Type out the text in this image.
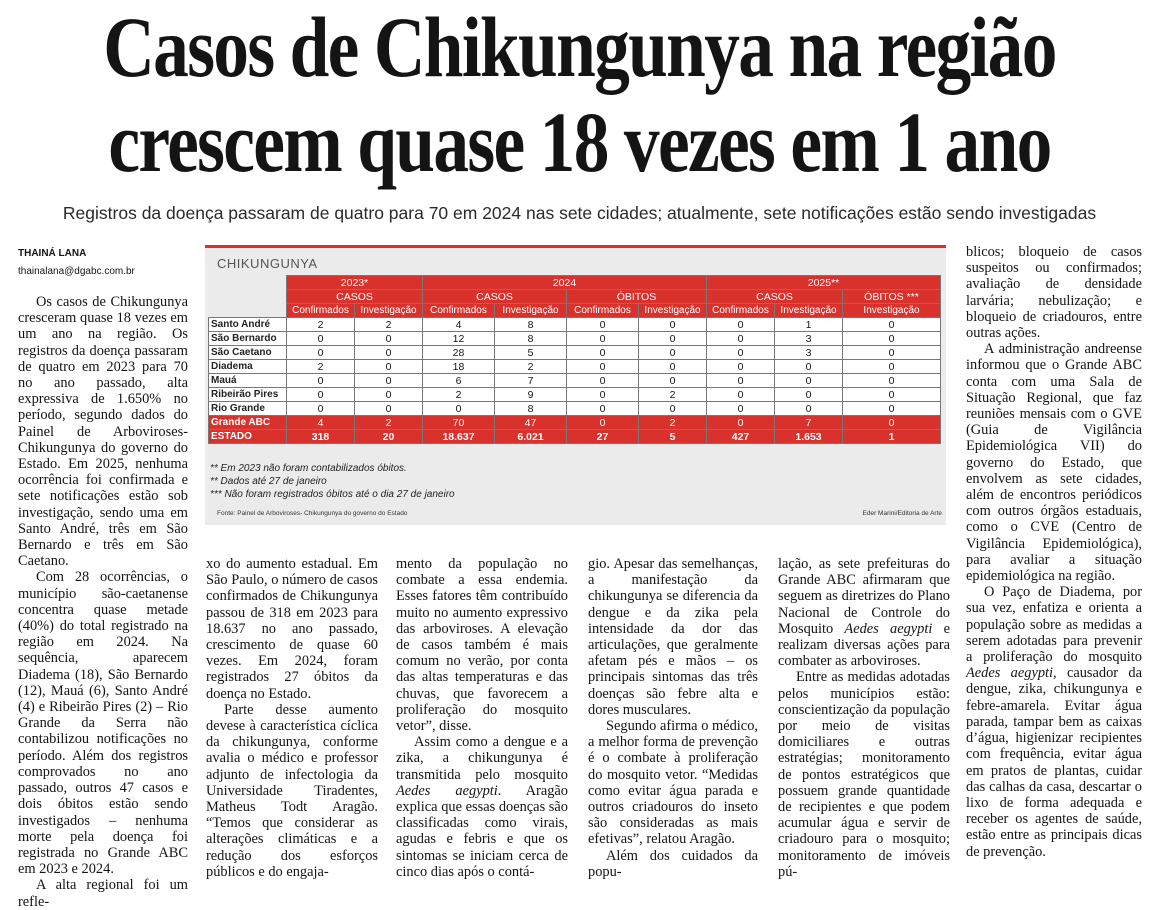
Casos de Chikungunya na região
crescem quase 18 vezes em 1 ano
Registros da doença passaram de quatro para 70 em 2024 nas sete cidades; atualmente, sete notificações estão sendo investigadas
THAINÁ LANA
thainalana@dgabc.com.br

Os casos de Chikungunya cresceram quase 18 vezes em um ano na região. Os registros da doença passaram de quatro em 2023 para 70 no ano passado, alta expressiva de 1.650% no período, segundo dados do Painel de Arboviroses-Chikungunya do governo do Estado. Em 2025, nenhuma ocorrência foi confirmada e sete notificações estão sob investigação, sendo uma em Santo André, três em São Bernardo e três em São Caetano.

Com 28 ocorrências, o município são-caetanense concentra quase metade (40%) do total registrado na região em 2024. Na sequência, aparecem Diadema (18), São Bernardo (12), Mauá (6), Santo André (4) e Ribeirão Pires (2) – Rio Grande da Serra não contabilizou notificações no período. Além dos registros comprovados no ano passado, outros 47 casos e dois óbitos estão sendo investigados – nenhuma morte pela doença foi registrada no Grande ABC em 2023 e 2024.

A alta regional foi um refle-

CHIKUNGUNYA
	2023*		2024				2025**		
	CASOS		CASOS		ÓBITOS		CASOS		ÓBITOS ***
	Confirmados	Investigação	Confirmados	Investigação	Confirmados	Investigação	Confirmados	Investigação	Investigação
Santo André	2	2	4	8	0	0	0	1	0
São Bernardo	0	0	12	8	0	0	0	3	0
São Caetano	0	0	28	5	0	0	0	3	0
Diadema	2	0	18	2	0	0	0	0	0
Mauá	0	0	6	7	0	0	0	0	0
Ribeirão Pires	0	0	2	9	0	2	0	0	0
Rio Grande	0	0	0	8	0	0	0	0	0
Grande ABC	4	2	70	47	0	2	0	7	0
ESTADO	318	20	18.637	6.021	27	5	427	1.653	1
** Em 2023 não foram contabilizados óbitos.
** Dados até 27 de janeiro
*** Não foram registrados óbitos até o dia 27 de janeiro
Fonte: Painel de Arboviroses- Chikungunya do governo do Estado	Eder Marini/Editoria de Arte

xo do aumento estadual. Em São Paulo, o número de casos confirmados de Chikungunya passou de 318 em 2023 para 18.637 no ano passado, crescimento de quase 60 vezes. Em 2024, foram registrados 27 óbitos da doença no Estado.

Parte desse aumento devese à característica cíclica da chikungunya, conforme avalia o médico e professor adjunto de infectologia da Universidade Tiradentes, Matheus Todt Aragão. “Temos que considerar as alterações climáticas e a redução dos esforços públicos e do engaja-

mento da população no combate a essa endemia. Esses fatores têm contribuído muito no aumento expressivo das arboviroses. A elevação de casos também é mais comum no verão, por conta das altas temperaturas e das chuvas, que favorecem a proliferação do mosquito vetor”, disse.

Assim como a dengue e a zika, a chikungunya é transmitida pelo mosquito Aedes aegypti. Aragão explica que essas doenças são classificadas como virais, agudas e febris e que os sintomas se iniciam cerca de cinco dias após o contá-

gio. Apesar das semelhanças, a manifestação da chikungunya se diferencia da dengue e da zika pela intensidade da dor das articulações, que geralmente afetam pés e mãos – os principais sintomas das três doenças são febre alta e dores musculares.

Segundo afirma o médico, a melhor forma de prevenção é o combate à proliferação do mosquito vetor. “Medidas como evitar água parada e outros criadouros do inseto são consideradas as mais efetivas”, relatou Aragão.

Além dos cuidados da popu-

lação, as sete prefeituras do Grande ABC afirmaram que seguem as diretrizes do Plano Nacional de Controle do Mosquito Aedes aegypti e realizam diversas ações para combater as arboviroses.

Entre as medidas adotadas pelos municípios estão: conscientização da população por meio de visitas domiciliares e outras estratégias; monitoramento de pontos estratégicos que possuem grande quantidade de recipientes e que podem acumular água e servir de criadouro para o mosquito; monitoramento de imóveis pú-

blicos; bloqueio de casos suspeitos ou confirmados; avaliação de densidade larvária; nebulização; e bloqueio de criadouros, entre outras ações.

A administração andreense informou que o Grande ABC conta com uma Sala de Situação Regional, que faz reuniões mensais com o GVE (Guia de Vigilância Epidemiológica VII) do governo do Estado, que envolvem as sete cidades, além de encontros periódicos com outros órgãos estaduais, como o CVE (Centro de Vigilância Epidemiológica), para avaliar a situação epidemiológica na região.

O Paço de Diadema, por sua vez, enfatiza e orienta a população sobre as medidas a serem adotadas para prevenir a proliferação do mosquito Aedes aegypti, causador da dengue, zika, chikungunya e febre-amarela. Evitar água parada, tampar bem as caixas d’água, higienizar recipientes com frequência, evitar água em pratos de plantas, cuidar das calhas da casa, descartar o lixo de forma adequada e receber os agentes de saúde, estão entre as principais dicas de prevenção.
